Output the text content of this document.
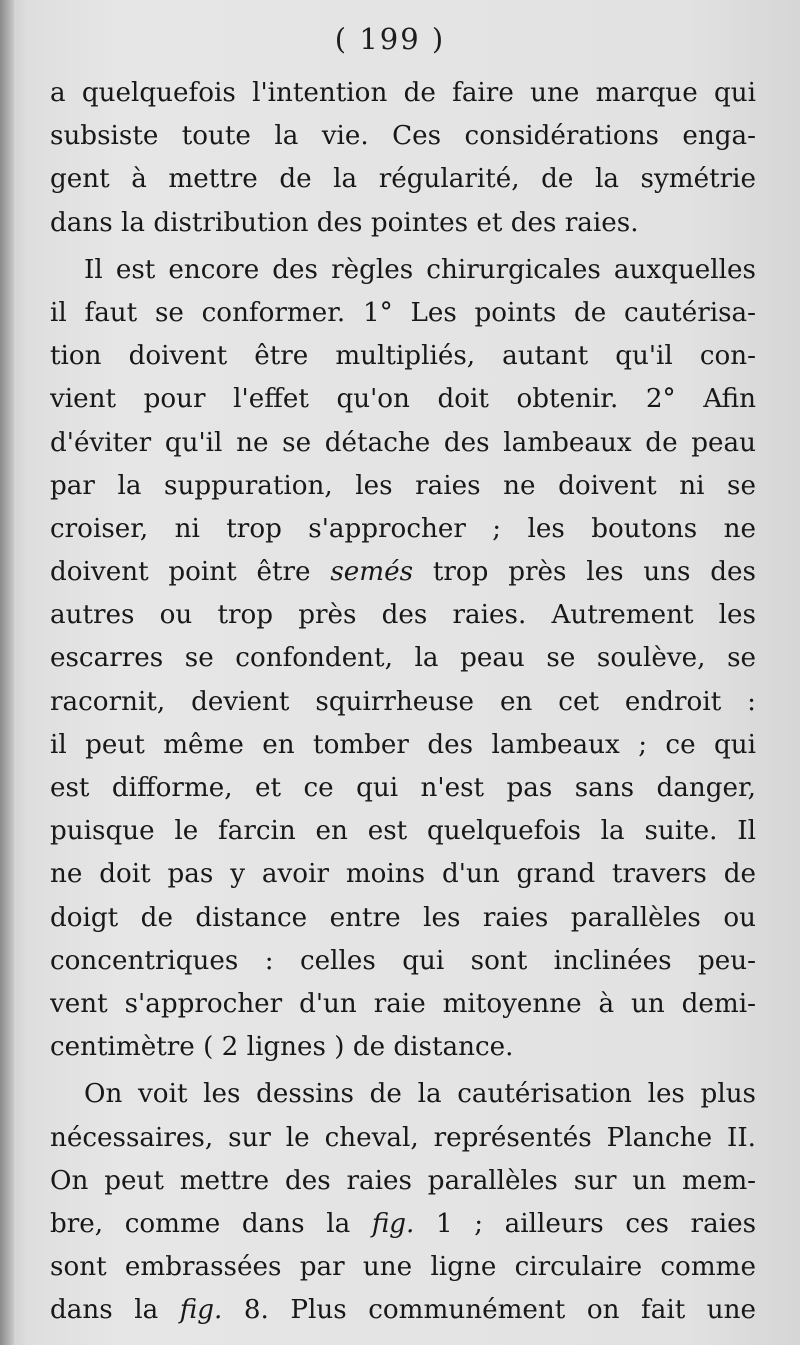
( 199 )
a quelquefois l'intention de faire une marque qui
subsiste toute la vie. Ces considérations enga-
gent à mettre de la régularité, de la symétrie
dans la distribution des pointes et des raies.
Il est encore des règles chirurgicales auxquelles
il faut se conformer. 1° Les points de cautérisa-
tion doivent être multipliés, autant qu'il con-
vient pour l'effet qu'on doit obtenir. 2° Afin
d'éviter qu'il ne se détache des lambeaux de peau
par la suppuration, les raies ne doivent ni se
croiser, ni trop s'approcher ; les boutons ne
doivent point être semés trop près les uns des
autres ou trop près des raies. Autrement les
escarres se confondent, la peau se soulève, se
racornit, devient squirrheuse en cet endroit :
il peut même en tomber des lambeaux ; ce qui
est difforme, et ce qui n'est pas sans danger,
puisque le farcin en est quelquefois la suite. Il
ne doit pas y avoir moins d'un grand travers de
doigt de distance entre les raies parallèles ou
concentriques : celles qui sont inclinées peu-
vent s'approcher d'un raie mitoyenne à un demi-
centimètre ( 2 lignes ) de distance.
On voit les dessins de la cautérisation les plus
nécessaires, sur le cheval, représentés Planche II.
On peut mettre des raies parallèles sur un mem-
bre, comme dans la fig. 1 ; ailleurs ces raies
sont embrassées par une ligne circulaire comme
dans la fig. 8. Plus communément on fait une
